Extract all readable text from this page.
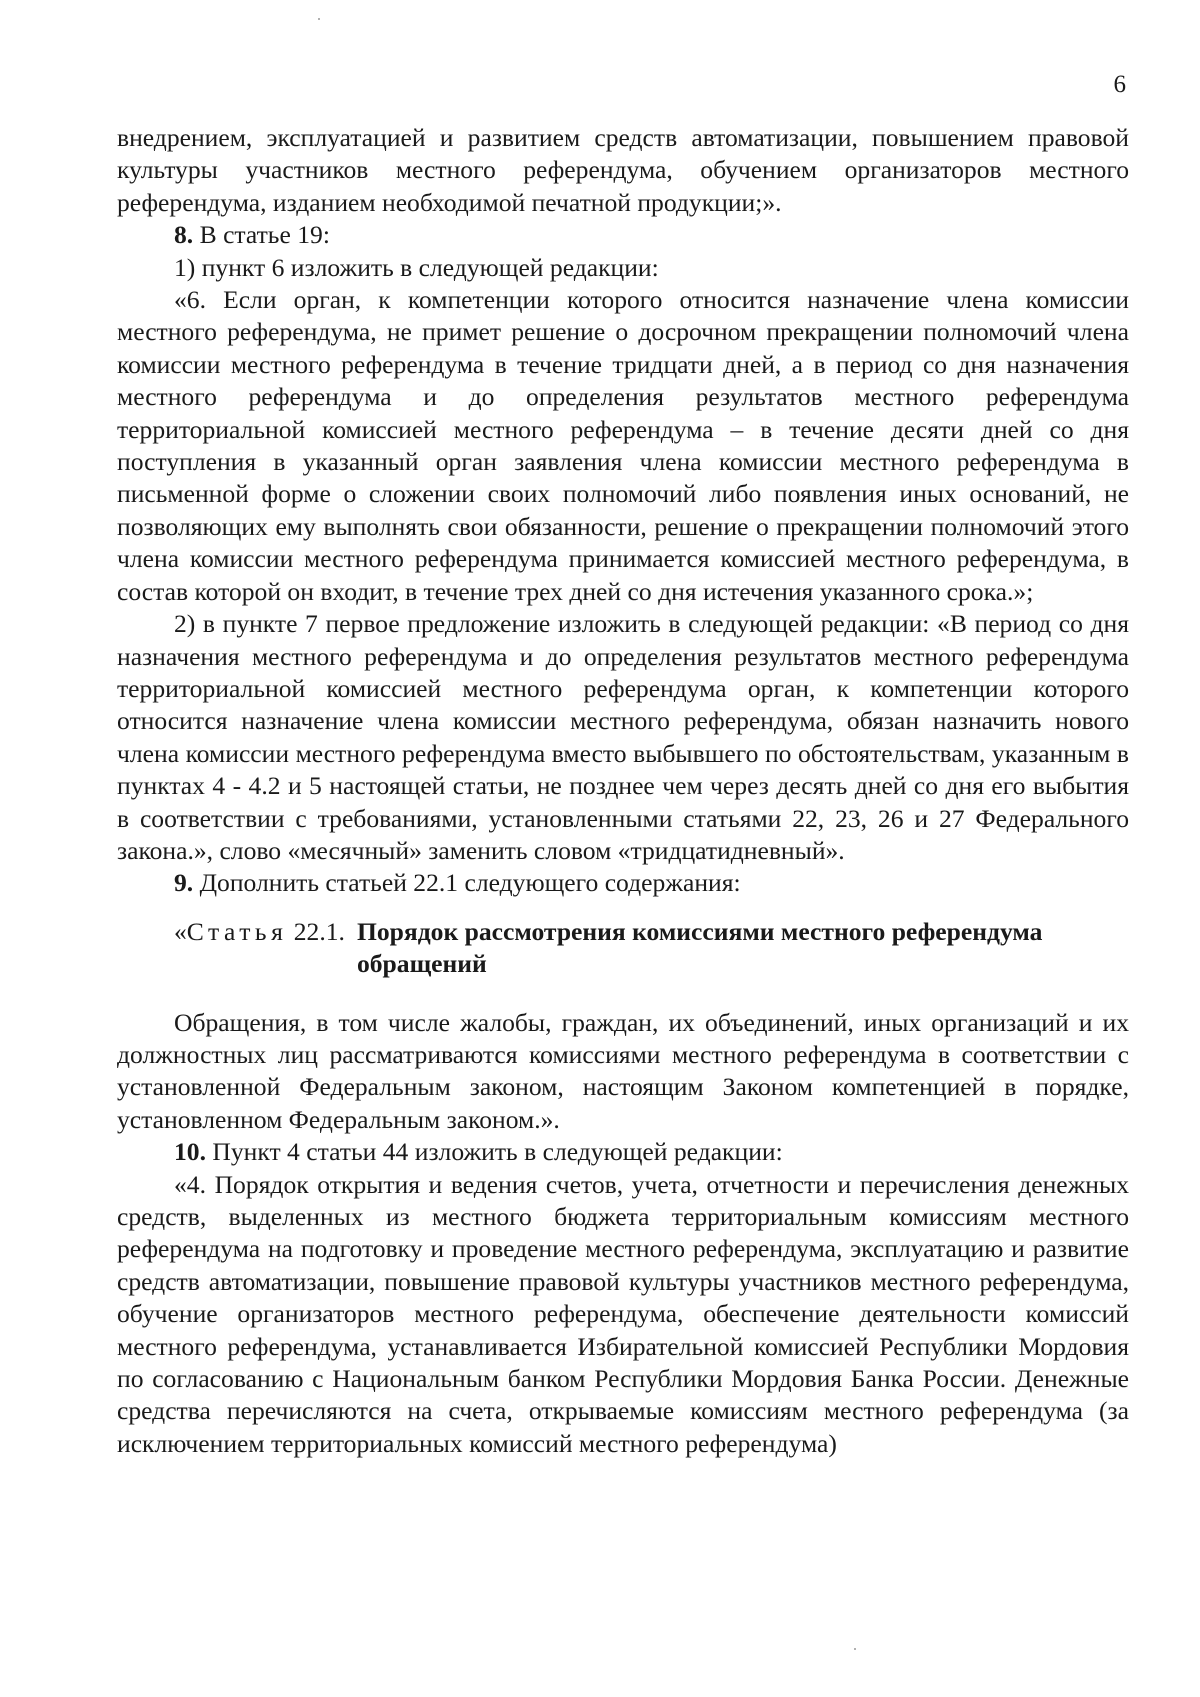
6

внедрением, эксплуатацией и развитием средств автоматизации, повышением правовой культуры участников местного референдума, обучением организаторов местного референдума, изданием необходимой печатной продукции;».

8. В статье 19:

1) пункт 6 изложить в следующей редакции:

«6. Если орган, к компетенции которого относится назначение члена комиссии местного референдума, не примет решение о досрочном прекращении полномочий члена комиссии местного референдума в течение тридцати дней, а в период со дня назначения местного референдума и до определения результатов местного референдума территориальной комиссией местного референдума – в течение десяти дней со дня поступления в указанный орган заявления члена комиссии местного референдума в письменной форме о сложении своих полномочий либо появления иных оснований, не позволяющих ему выполнять свои обязанности, решение о прекращении полномочий этого члена комиссии местного референдума принимается комиссией местного референдума, в состав которой он входит, в течение трех дней со дня истечения указанного срока.»;

2) в пункте 7 первое предложение изложить в следующей редакции: «В период со дня назначения местного референдума и до определения результатов местного референдума территориальной комиссией местного референдума орган, к компетенции которого относится назначение члена комиссии местного референдума, обязан назначить нового члена комиссии местного референдума вместо выбывшего по обстоятельствам, указанным в пунктах 4 - 4.2 и 5 настоящей статьи, не позднее чем через десять дней со дня его выбытия в соответствии с требованиями, установленными статьями 22, 23, 26 и 27 Федерального закона.», слово «месячный» заменить словом «тридцатидневный».

9. Дополнить статьей 22.1 следующего содержания:

«Статья 22.1. Порядок рассмотрения комиссиями местного референдума обращений

Обращения, в том числе жалобы, граждан, их объединений, иных организаций и их должностных лиц рассматриваются комиссиями местного референдума в соответствии с установленной Федеральным законом, настоящим Законом компетенцией в порядке, установленном Федеральным законом.».

10. Пункт 4 статьи 44 изложить в следующей редакции:

«4. Порядок открытия и ведения счетов, учета, отчетности и перечисления денежных средств, выделенных из местного бюджета территориальным комиссиям местного референдума на подготовку и проведение местного референдума, эксплуатацию и развитие средств автоматизации, повышение правовой культуры участников местного референдума, обучение организаторов местного референдума, обеспечение деятельности комиссий местного референдума, устанавливается Избирательной комиссией Республики Мордовия по согласованию с Национальным банком Республики Мордовия Банка России. Денежные средства перечисляются на счета, открываемые комиссиям местного референдума (за исключением территориальных комиссий местного референдума)
